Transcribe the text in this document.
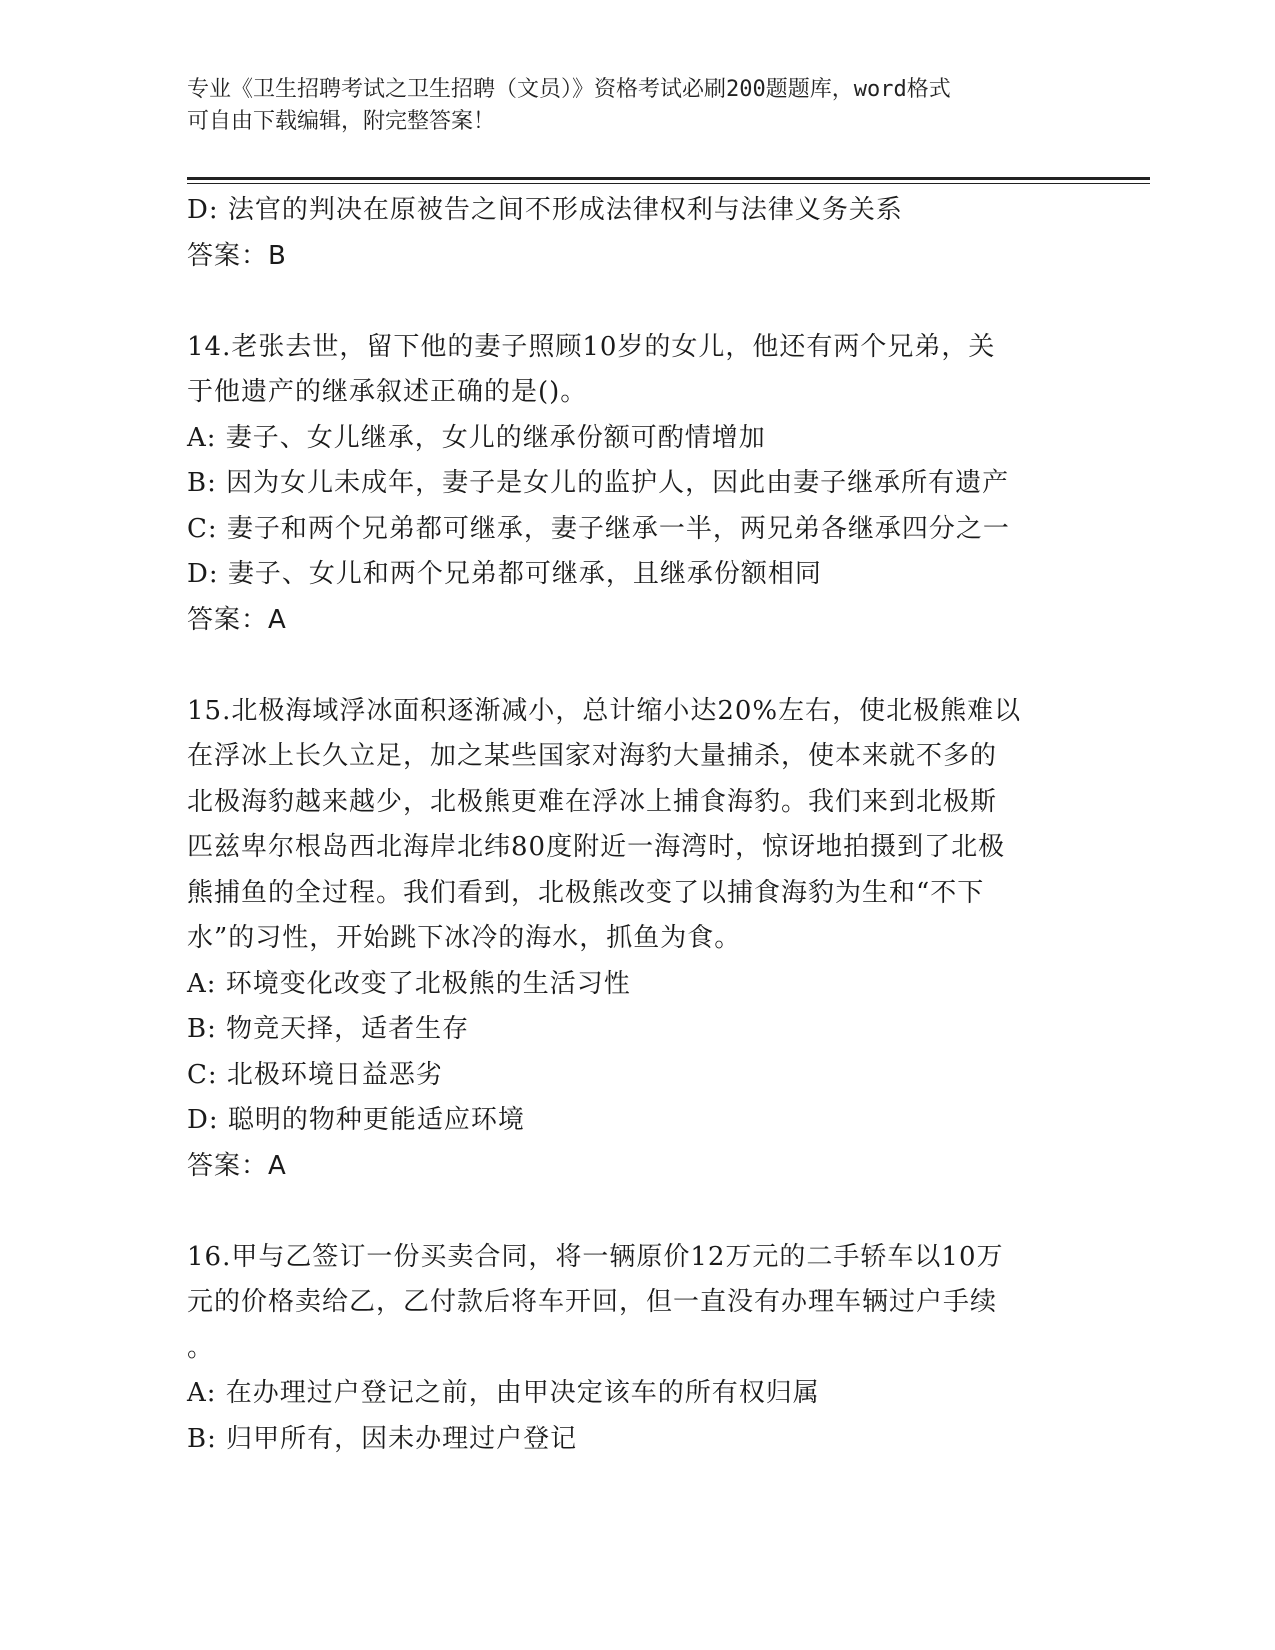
专业《卫生招聘考试之卫生招聘（文员）》资格考试必刷200题题库，word格式
可自由下载编辑，附完整答案！
D: 法官的判决在原被告之间不形成法律权利与法律义务关系
答案：B
14.老张去世，留下他的妻子照顾10岁的女儿，他还有两个兄弟，关
于他遗产的继承叙述正确的是()。
A: 妻子、女儿继承，女儿的继承份额可酌情增加
B: 因为女儿未成年，妻子是女儿的监护人，因此由妻子继承所有遗产
C: 妻子和两个兄弟都可继承，妻子继承一半，两兄弟各继承四分之一
D: 妻子、女儿和两个兄弟都可继承，且继承份额相同
答案：A
15.北极海域浮冰面积逐渐减小，总计缩小达20%左右，使北极熊难以
在浮冰上长久立足，加之某些国家对海豹大量捕杀，使本来就不多的
北极海豹越来越少，北极熊更难在浮冰上捕食海豹。我们来到北极斯
匹兹卑尔根岛西北海岸北纬80度附近一海湾时，惊讶地拍摄到了北极
熊捕鱼的全过程。我们看到，北极熊改变了以捕食海豹为生和“不下
水”的习性，开始跳下冰冷的海水，抓鱼为食。
A: 环境变化改变了北极熊的生活习性
B: 物竞天择，适者生存
C: 北极环境日益恶劣
D: 聪明的物种更能适应环境
答案：A
16.甲与乙签订一份买卖合同，将一辆原价12万元的二手轿车以10万
元的价格卖给乙，乙付款后将车开回，但一直没有办理车辆过户手续
。
A: 在办理过户登记之前，由甲决定该车的所有权归属
B: 归甲所有，因未办理过户登记
